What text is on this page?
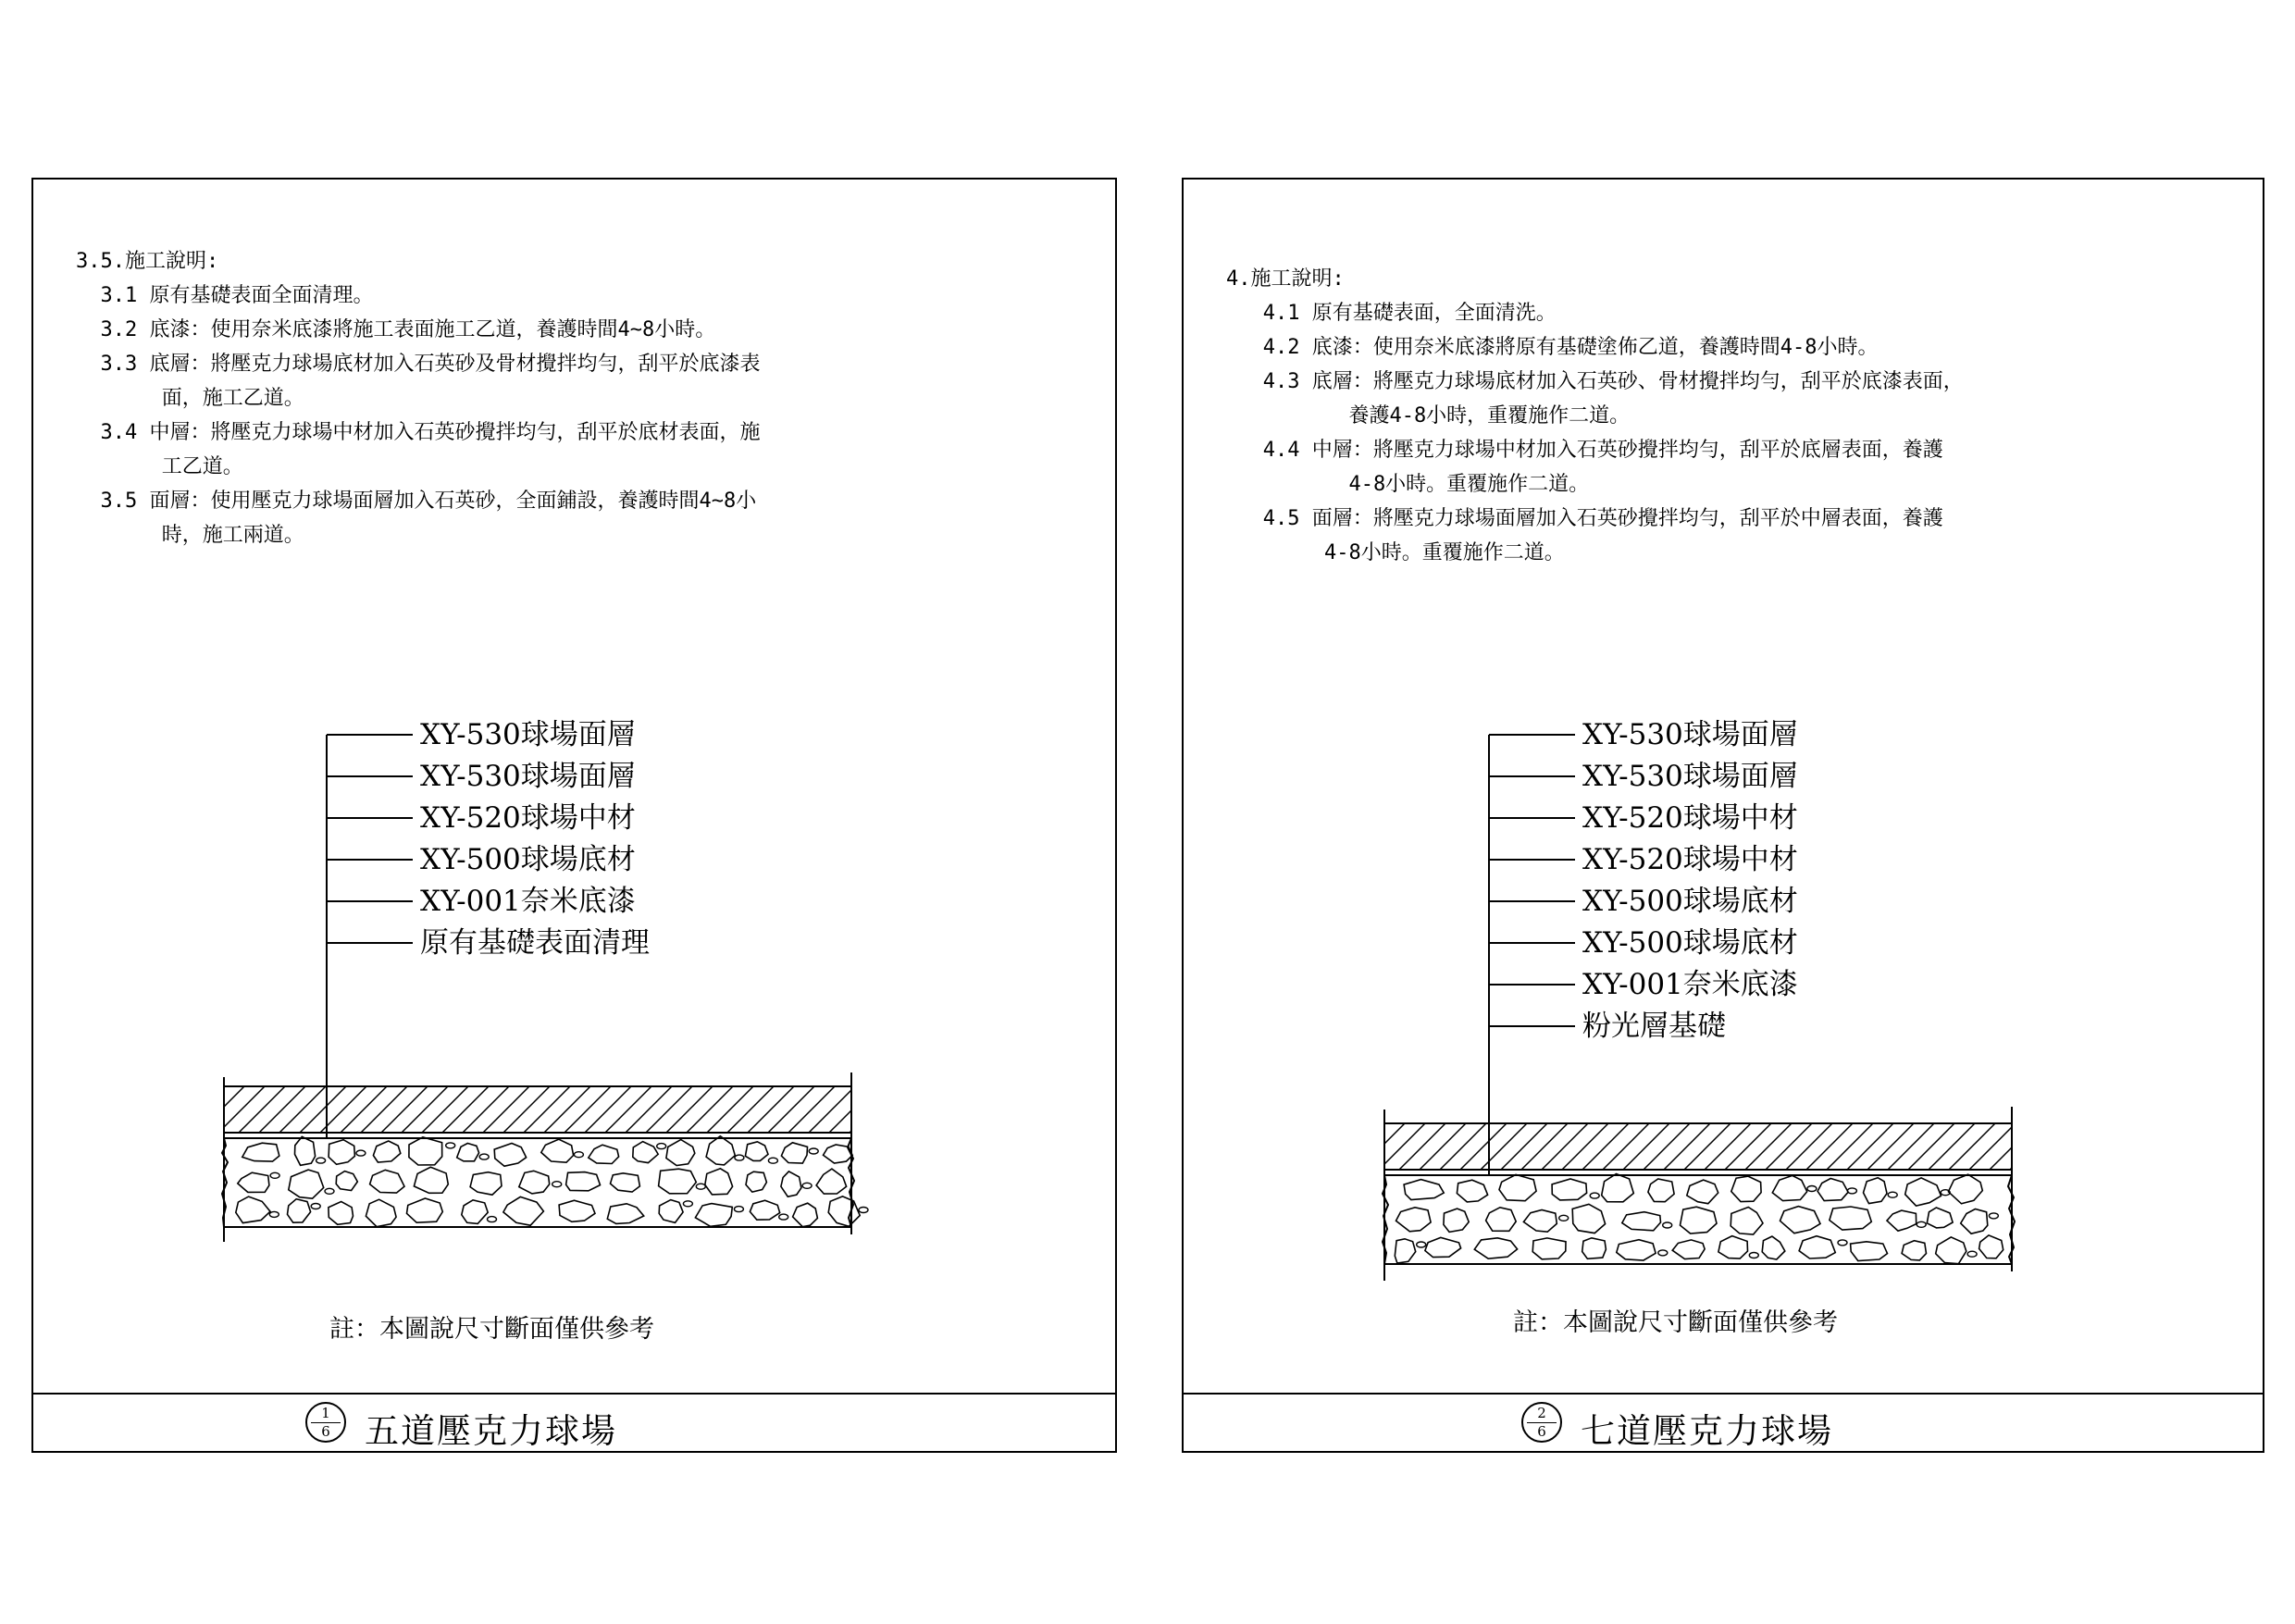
3.5.施工說明:
3.1 原有基礎表面全面清理。
3.2 底漆：使用奈米底漆將施工表面施工乙道，養護時間4~8小時。
3.3 底層：將壓克力球場底材加入石英砂及骨材攪拌均勻，刮平於底漆表
面，施工乙道。
3.4 中層：將壓克力球場中材加入石英砂攪拌均勻，刮平於底材表面，施
工乙道。
3.5 面層：使用壓克力球場面層加入石英砂，全面鋪設，養護時間4~8小
時，施工兩道。
XY-530球場面層
XY-530球場面層
XY-520球場中材
XY-500球場底材
XY-001奈米底漆
原有基礎表面清理
註：本圖說尺寸斷面僅供參考
1
6	五道壓克力球場
4.施工說明:
4.1 原有基礎表面，全面清洗。
4.2 底漆：使用奈米底漆將原有基礎塗佈乙道，養護時間4-8小時。
4.3 底層：將壓克力球場底材加入石英砂、骨材攪拌均勻，刮平於底漆表面，
養護4-8小時，重覆施作二道。
4.4 中層：將壓克力球場中材加入石英砂攪拌均勻，刮平於底層表面，養護
4-8小時。重覆施作二道。
4.5 面層：將壓克力球場面層加入石英砂攪拌均勻，刮平於中層表面，養護
4-8小時。重覆施作二道。
XY-530球場面層
XY-530球場面層
XY-520球場中材
XY-520球場中材
XY-500球場底材
XY-500球場底材
XY-001奈米底漆
粉光層基礎
註：本圖說尺寸斷面僅供參考
2
6	七道壓克力球場
